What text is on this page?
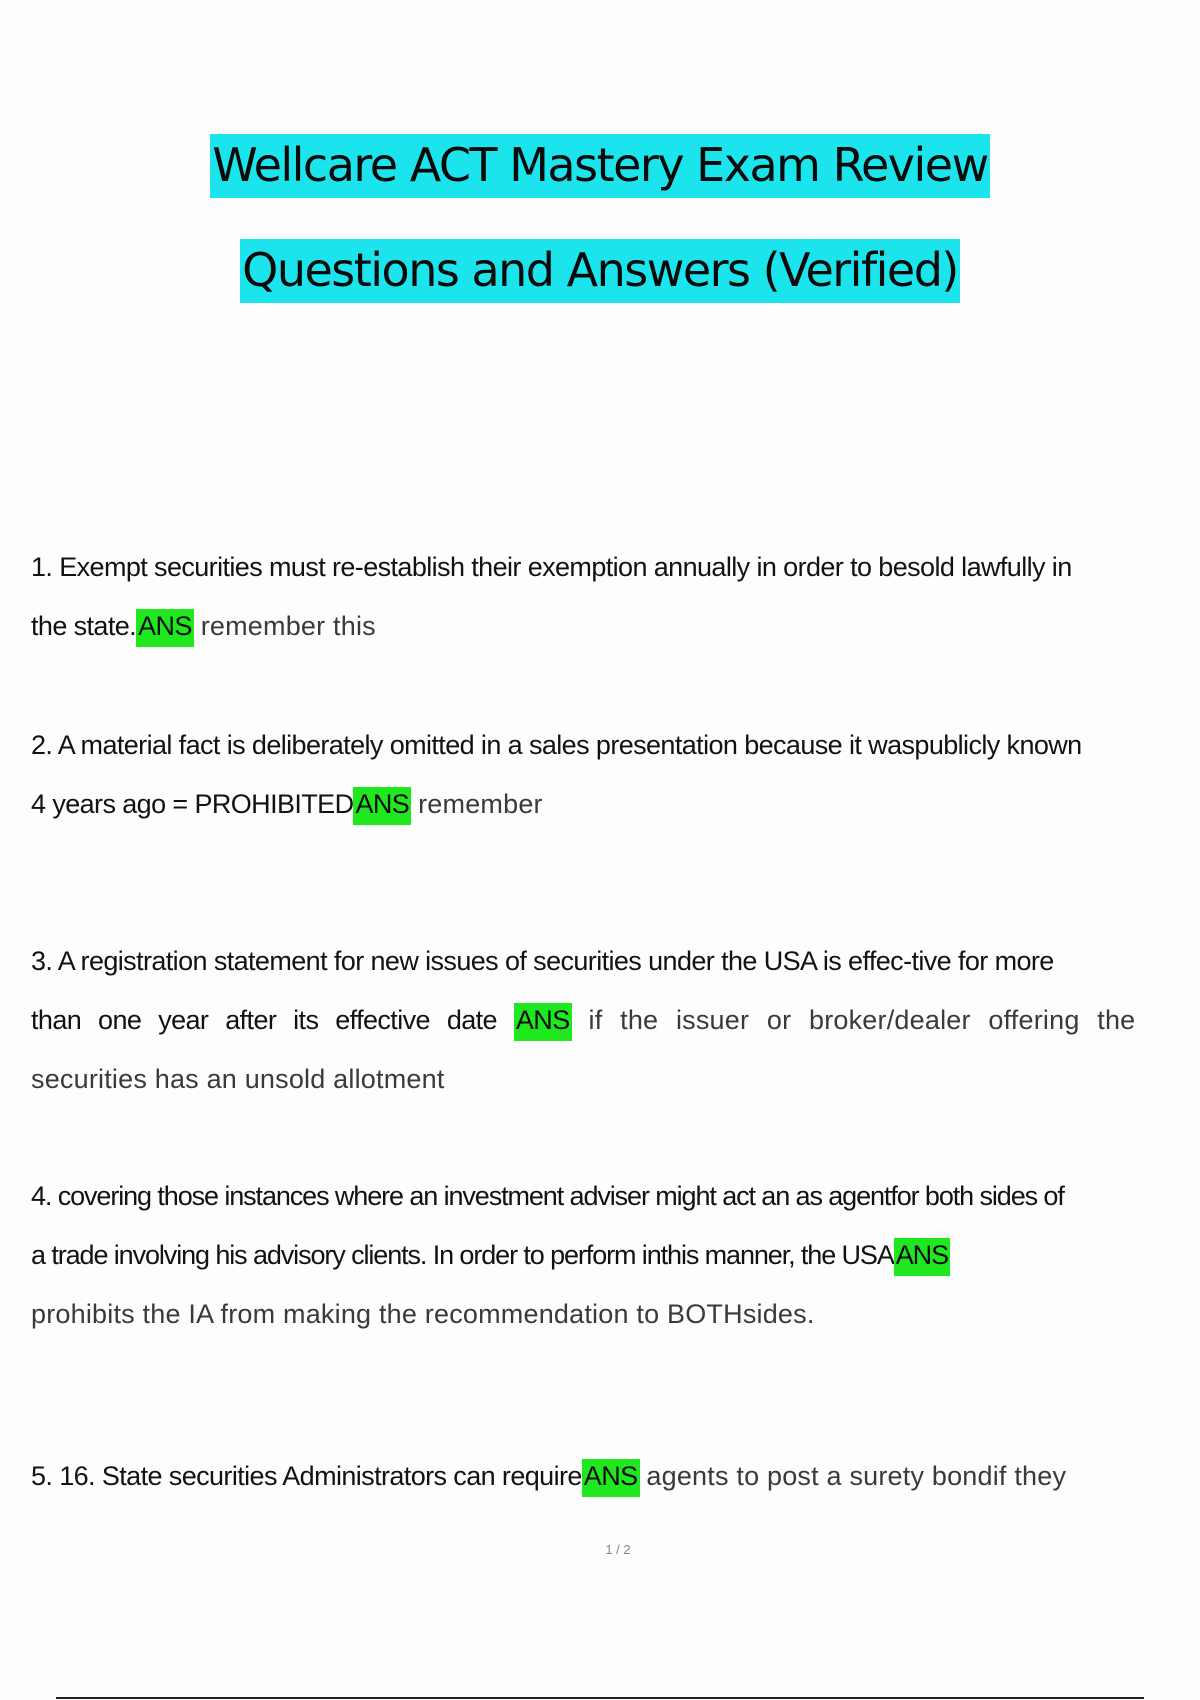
Wellcare ACT Mastery Exam Review
Questions and Answers (Verified)
1. Exempt securities must re-establish their exemption annually in order to besold lawfully in
the state.ANS remember this
2. A material fact is deliberately omitted in a sales presentation because it waspublicly known
4 years ago = PROHIBITEDANS remember
3. A registration statement for new issues of securities under the USA is effec-tive for more
than one year after its effective date ANS if the issuer or broker/dealer offering the
securities has an unsold allotment
4. covering those instances where an investment adviser might act an as agentfor both sides of
a trade involving his advisory clients. In order to perform inthis manner, the USAANS
prohibits the IA from making the recommendation to BOTHsides.
5. 16. State securities Administrators can requireANS agents to post a surety bondif they
1 / 2
